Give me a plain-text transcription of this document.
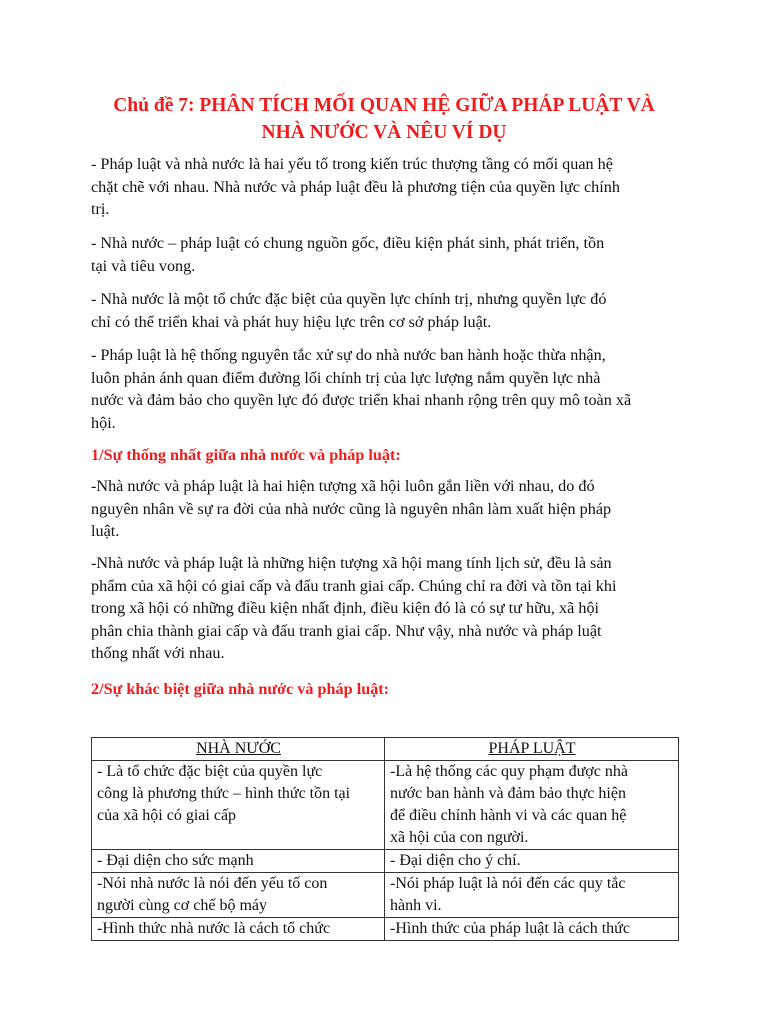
Chủ đề 7: PHÂN TÍCH MỐI QUAN HỆ GIỮA PHÁP LUẬT VÀ
NHÀ NƯỚC VÀ NÊU VÍ DỤ

- Pháp luật và nhà nước là hai yếu tố trong kiến trúc thượng tầng có mối quan hệ
chặt chẽ với nhau. Nhà nước và pháp luật đều là phương tiện của quyền lực chính
trị.

- Nhà nước – pháp luật có chung nguồn gốc, điều kiện phát sinh, phát triển, tồn
tại và tiêu vong.

- Nhà nước là một tổ chức đặc biệt của quyền lực chính trị, nhưng quyền lực đó
chỉ có thể triển khai và phát huy hiệu lực trên cơ sở pháp luật.

- Pháp luật là hệ thống nguyên tắc xử sự do nhà nước ban hành hoặc thừa nhận,
luôn phản ánh quan điểm đường lối chính trị của lực lượng nắm quyền lực nhà
nước và đảm bảo cho quyền lực đó được triển khai nhanh rộng trên quy mô toàn xã
hội.

1/Sự thống nhất giữa nhà nước và pháp luật:

-Nhà nước và pháp luật là hai hiện tượng xã hội luôn gắn liền với nhau, do đó
nguyên nhân về sự ra đời của nhà nước cũng là nguyên nhân làm xuất hiện pháp
luật.

-Nhà nước và pháp luật là những hiện tượng xã hội mang tính lịch sử, đều là sản
phẩm của xã hội có giai cấp và đấu tranh giai cấp. Chúng chỉ ra đời và tồn tại khi
trong xã hội có những điều kiện nhất định, điều kiện đó là có sự tư hữu, xã hội
phân chia thành giai cấp và đấu tranh giai cấp. Như vậy, nhà nước và pháp luật
thống nhất với nhau.

2/Sự khác biệt giữa nhà nước và pháp luật:
NHÀ NƯỚC	PHÁP LUẬT

- Là tổ chức đặc biệt của quyền lực
công là phương thức – hình thức tồn tại
của xã hội có giai cấp	-Là hệ thống các quy phạm được nhà
nước ban hành và đảm bảo thực hiện
để điều chỉnh hành vi và các quan hệ
xã hội của con người.

- Đại diện cho sức mạnh	- Đại diện cho ý chí.

-Nói nhà nước là nói đến yếu tố con
người cùng cơ chế bộ máy	-Nói pháp luật là nói đến các quy tắc
hành vi.

-Hình thức nhà nước là cách tổ chức	-Hình thức của pháp luật là cách thức
